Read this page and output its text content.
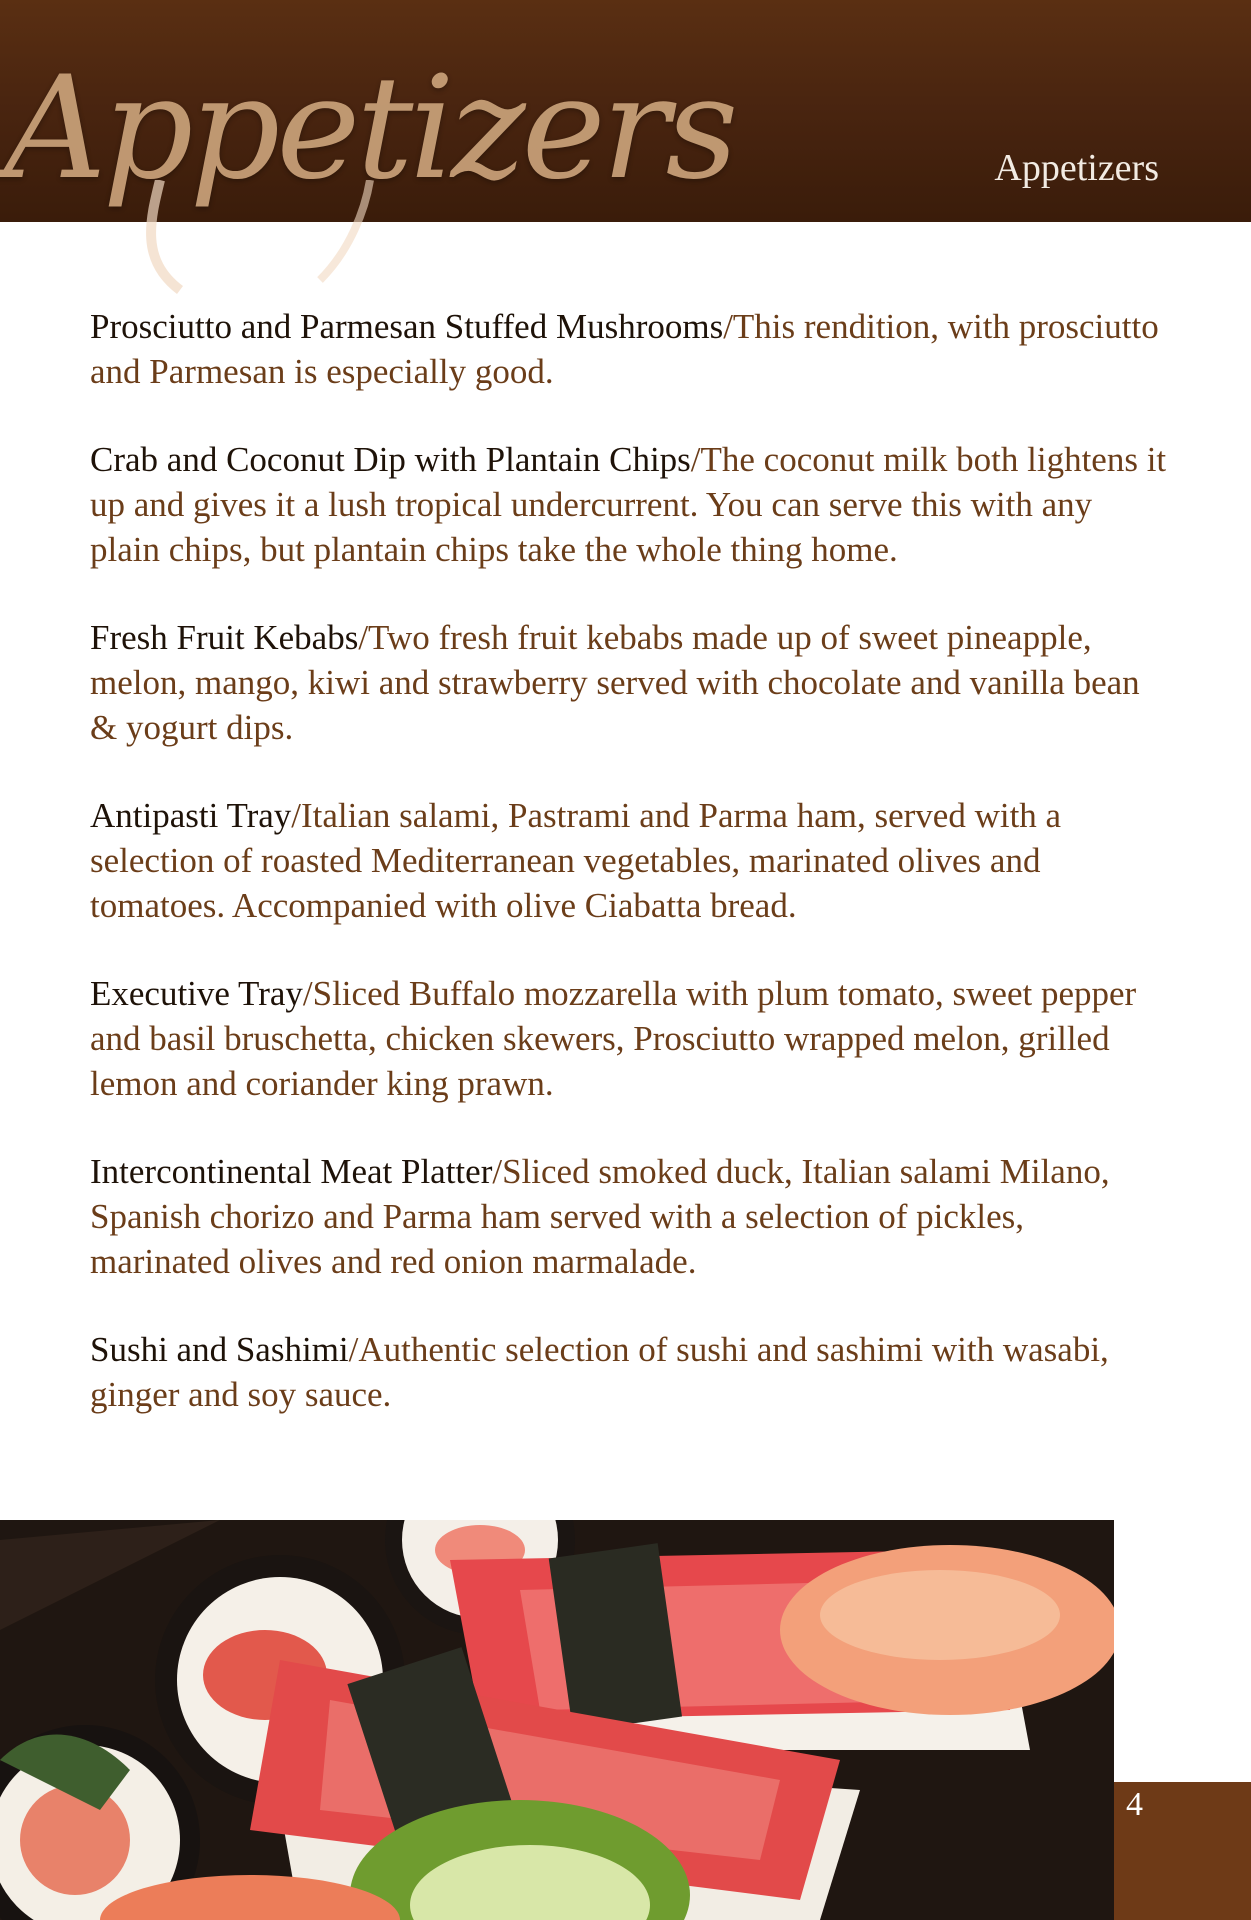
Appetizers	Appetizers

Prosciutto and Parmesan Stuffed Mushrooms/This rendition, with prosciutto and Parmesan is especially good.

Crab and Coconut Dip with Plantain Chips/The coconut milk both lightens it up and gives it a lush tropical undercurrent. You can serve this with any plain chips, but plantain chips take the whole thing home.

Fresh Fruit Kebabs/Two fresh fruit kebabs made up of sweet pineapple, melon, mango, kiwi and strawberry served with chocolate and vanilla bean & yogurt dips.

Antipasti Tray/Italian salami, Pastrami and Parma ham, served with a selection of roasted Mediterranean vegetables, marinated olives and tomatoes. Accompanied with olive Ciabatta bread.

Executive Tray/Sliced Buffalo mozzarella with plum tomato, sweet pepper and basil bruschetta, chicken skewers, Prosciutto wrapped melon, grilled lemon and coriander king prawn.

Intercontinental Meat Platter/Sliced smoked duck, Italian salami Milano, Spanish chorizo and Parma ham served with a selection of pickles, marinated olives and red onion marmalade.

Sushi and Sashimi/Authentic selection of sushi and sashimi with wasabi, ginger and soy sauce.

4
